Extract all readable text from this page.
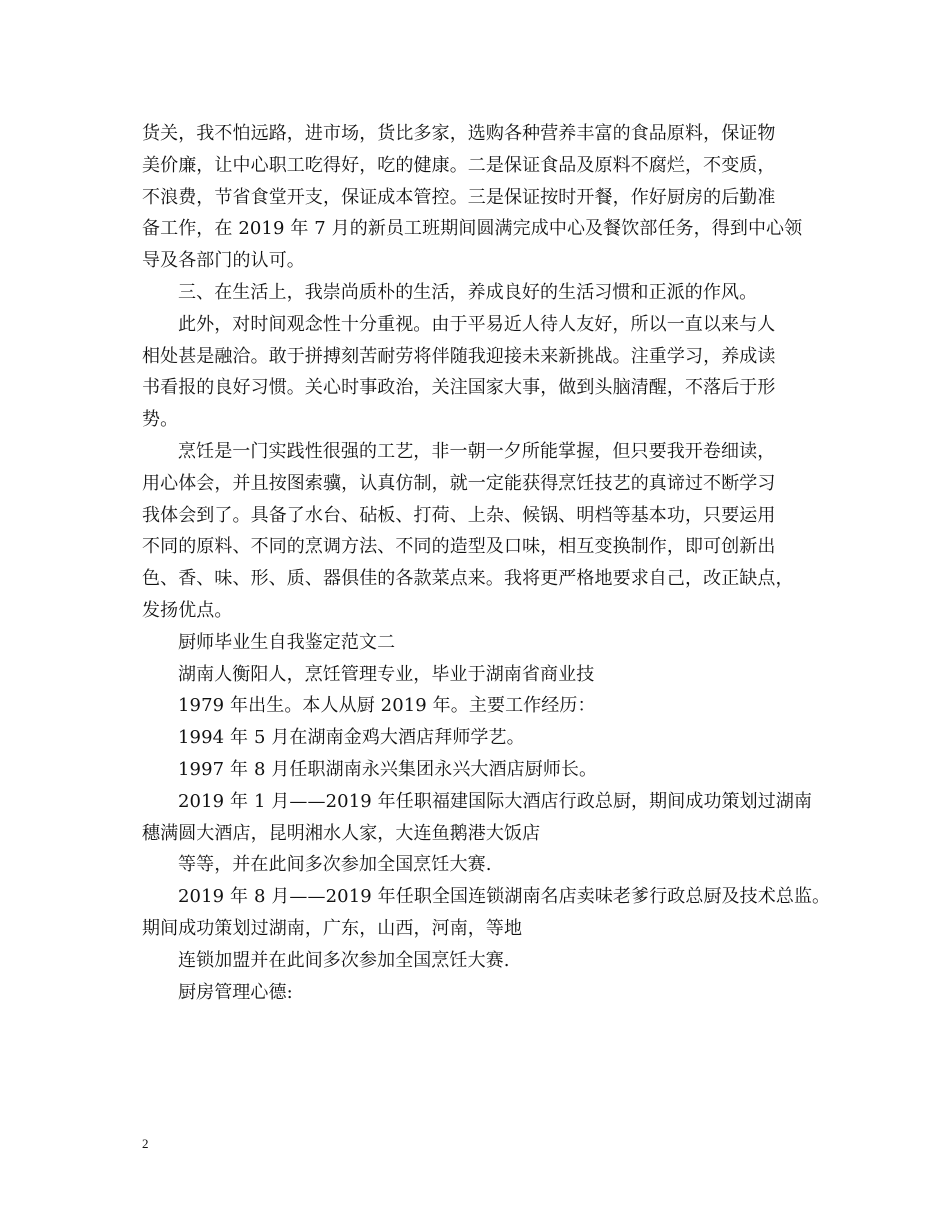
货关，我不怕远路，进市场，货比多家，选购各种营养丰富的食品原料，保证物
美价廉，让中心职工吃得好，吃的健康。二是保证食品及原料不腐烂，不变质，
不浪费，节省食堂开支，保证成本管控。三是保证按时开餐，作好厨房的后勤准
备工作，在 2019 年 7 月的新员工班期间圆满完成中心及餐饮部任务，得到中心领
导及各部门的认可。
三、在生活上，我崇尚质朴的生活，养成良好的生活习惯和正派的作风。
此外，对时间观念性十分重视。由于平易近人待人友好，所以一直以来与人
相处甚是融洽。敢于拼搏刻苦耐劳将伴随我迎接未来新挑战。注重学习，养成读
书看报的良好习惯。关心时事政治，关注国家大事，做到头脑清醒，不落后于形
势。
烹饪是一门实践性很强的工艺，非一朝一夕所能掌握，但只要我开卷细读，
用心体会，并且按图索骥，认真仿制，就一定能获得烹饪技艺的真谛过不断学习
我体会到了。具备了水台、砧板、打荷、上杂、候锅、明档等基本功，只要运用
不同的原料、不同的烹调方法、不同的造型及口味，相互变换制作，即可创新出
色、香、味、形、质、器俱佳的各款菜点来。我将更严格地要求自己，改正缺点，
发扬优点。
厨师毕业生自我鉴定范文二
湖南人衡阳人，烹饪管理专业，毕业于湖南省商业技
1979 年出生。本人从厨 2019 年。主要工作经历：
1994 年 5 月在湖南金鸡大酒店拜师学艺。
1997 年 8 月任职湖南永兴集团永兴大酒店厨师长。
2019 年 1 月——2019 年任职福建国际大酒店行政总厨，期间成功策划过湖南
穗满圆大酒店，昆明湘水人家，大连鱼鹅港大饭店
等等，并在此间多次参加全国烹饪大赛.
2019 年 8 月——2019 年任职全国连锁湖南名店卖味老爹行政总厨及技术总监。
期间成功策划过湖南，广东，山西，河南，等地
连锁加盟并在此间多次参加全国烹饪大赛.
厨房管理心德:
2
